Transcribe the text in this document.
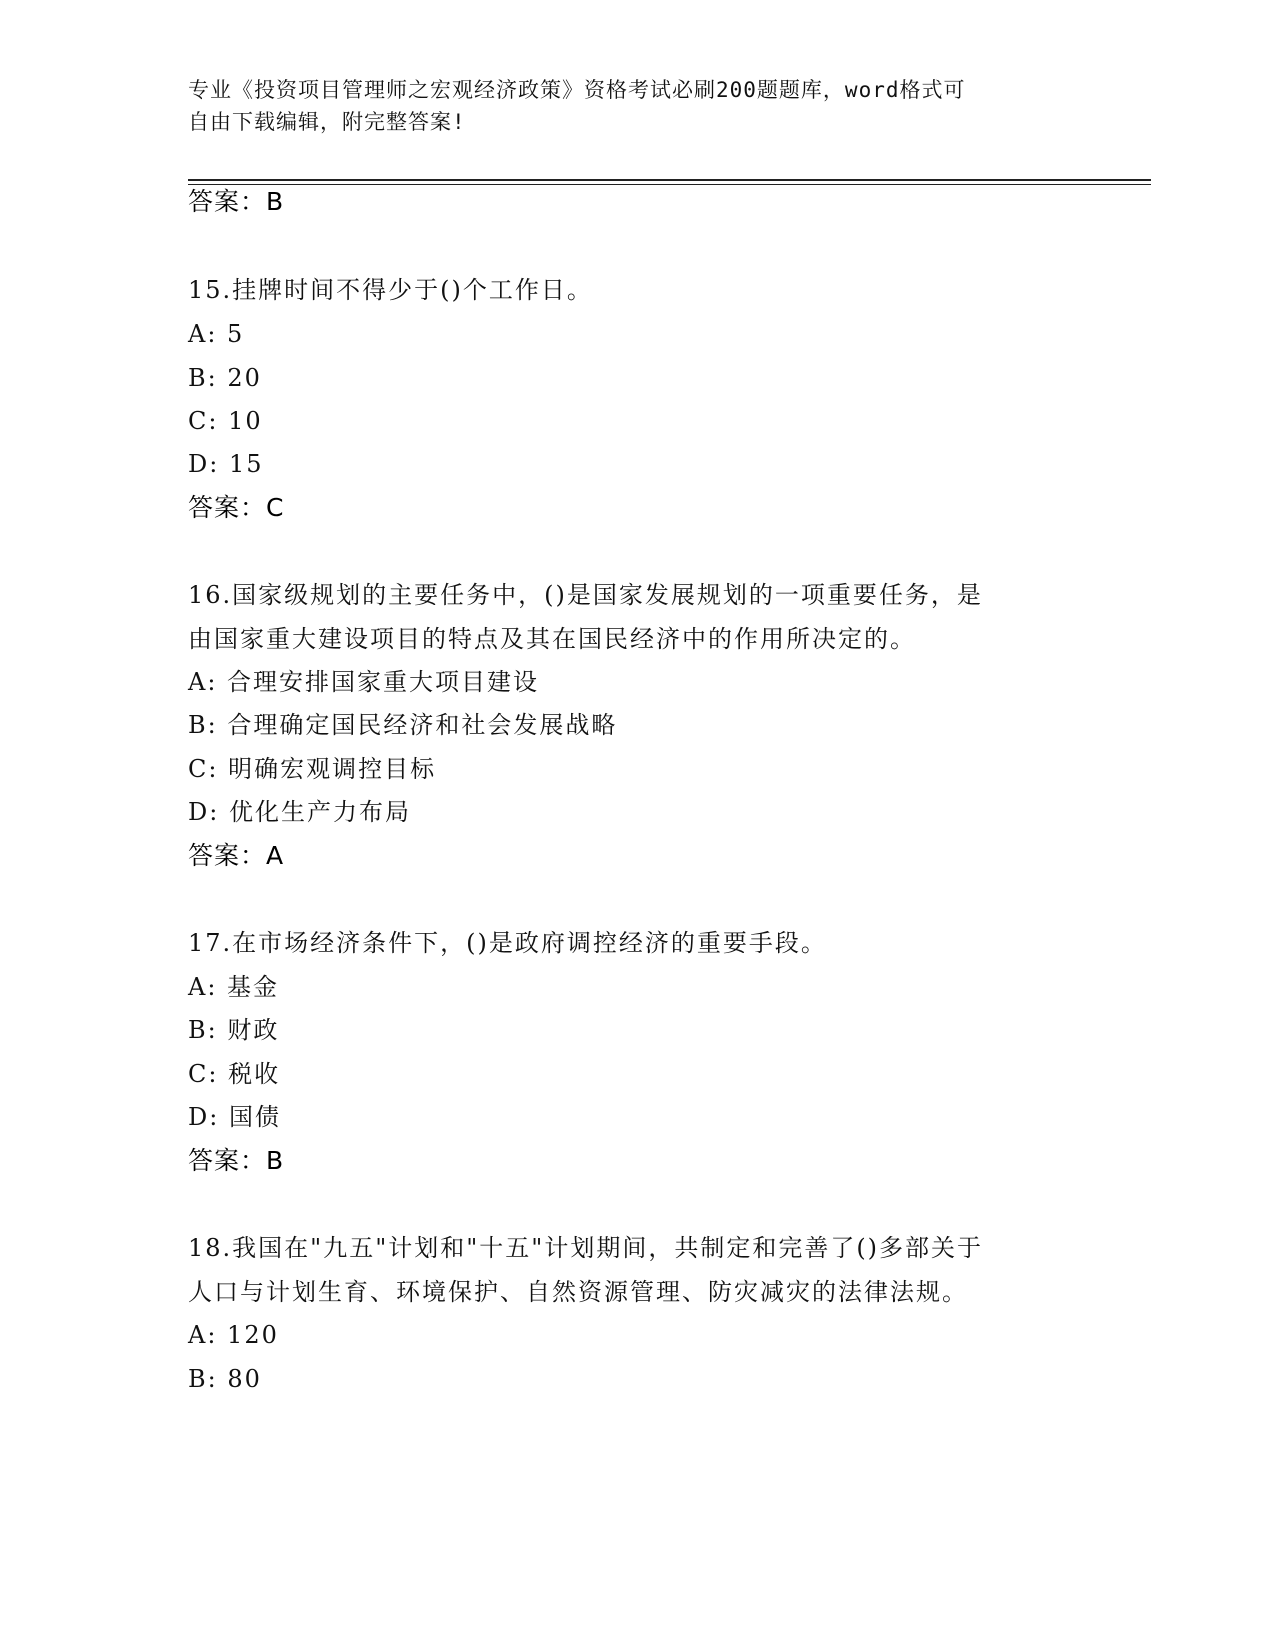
专业《投资项目管理师之宏观经济政策》资格考试必刷200题题库，word格式可
自由下载编辑，附完整答案!
答案：B
15.挂牌时间不得少于()个工作日。
A: 5
B: 20
C: 10
D: 15
答案：C
16.国家级规划的主要任务中，()是国家发展规划的一项重要任务，是
由国家重大建设项目的特点及其在国民经济中的作用所决定的。
A: 合理安排国家重大项目建设
B: 合理确定国民经济和社会发展战略
C: 明确宏观调控目标
D: 优化生产力布局
答案：A
17.在市场经济条件下，()是政府调控经济的重要手段。
A: 基金
B: 财政
C: 税收
D: 国债
答案：B
18.我国在"九五"计划和"十五"计划期间，共制定和完善了()多部关于
人口与计划生育、环境保护、自然资源管理、防灾减灾的法律法规。
A: 120
B: 80
